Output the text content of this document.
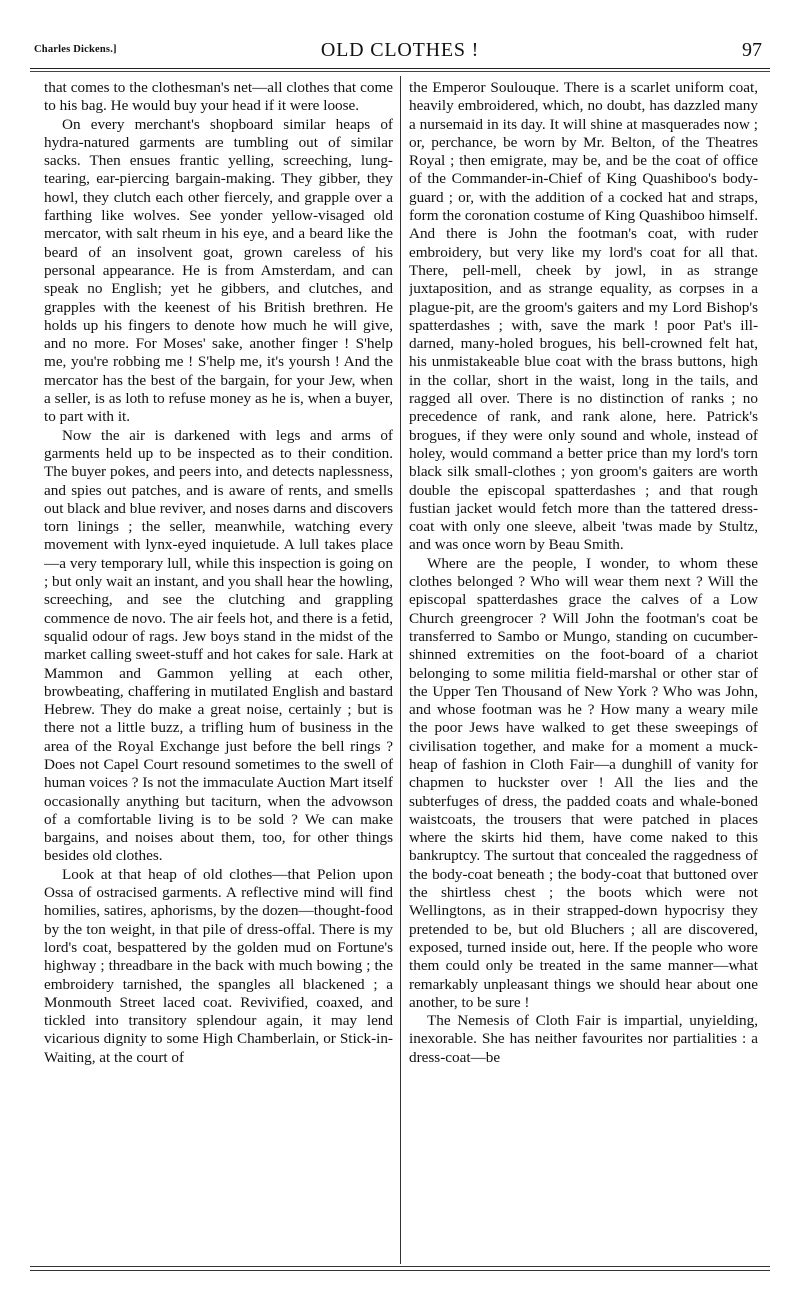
Charles Dickens.]	OLD CLOTHES !	97

that comes to the clothesman's net—all clothes that come to his bag. He would buy your head if it were loose.

On every merchant's shopboard similar heaps of hydra-natured garments are tumbling out of similar sacks. Then ensues frantic yelling, screeching, lung-tearing, ear-piercing bargain-making. They gibber, they howl, they clutch each other fiercely, and grapple over a farthing like wolves. See yonder yellow-visaged old mercator, with salt rheum in his eye, and a beard like the beard of an insolvent goat, grown careless of his personal appearance. He is from Amsterdam, and can speak no English; yet he gibbers, and clutches, and grapples with the keenest of his British brethren. He holds up his fingers to denote how much he will give, and no more. For Moses' sake, another finger ! S'help me, you're robbing me ! S'help me, it's yoursh ! And the mercator has the best of the bargain, for your Jew, when a seller, is as loth to refuse money as he is, when a buyer, to part with it.

Now the air is darkened with legs and arms of garments held up to be inspected as to their condition. The buyer pokes, and peers into, and detects naplessness, and spies out patches, and is aware of rents, and smells out black and blue reviver, and noses darns and discovers torn linings ; the seller, meanwhile, watching every movement with lynx-eyed inquietude. A lull takes place—a very temporary lull, while this inspection is going on ; but only wait an instant, and you shall hear the howling, screeching, and see the clutching and grappling commence de novo. The air feels hot, and there is a fetid, squalid odour of rags. Jew boys stand in the midst of the market calling sweet-stuff and hot cakes for sale. Hark at Mammon and Gammon yelling at each other, browbeating, chaffering in mutilated English and bastard Hebrew. They do make a great noise, certainly ; but is there not a little buzz, a trifling hum of business in the area of the Royal Exchange just before the bell rings ? Does not Capel Court resound sometimes to the swell of human voices ? Is not the immaculate Auction Mart itself occasionally anything but taciturn, when the advowson of a comfortable living is to be sold ? We can make bargains, and noises about them, too, for other things besides old clothes.

Look at that heap of old clothes—that Pelion upon Ossa of ostracised garments. A reflective mind will find homilies, satires, aphorisms, by the dozen—thought-food by the ton weight, in that pile of dress-offal. There is my lord's coat, bespattered by the golden mud on Fortune's highway ; threadbare in the back with much bowing ; the embroidery tarnished, the spangles all blackened ; a Monmouth Street laced coat. Revivified, coaxed, and tickled into transitory splendour again, it may lend vicarious dignity to some High Chamberlain, or Stick-in-Waiting, at the court of

the Emperor Soulouque. There is a scarlet uniform coat, heavily embroidered, which, no doubt, has dazzled many a nursemaid in its day. It will shine at masquerades now ; or, perchance, be worn by Mr. Belton, of the Theatres Royal ; then emigrate, may be, and be the coat of office of the Commander-in-Chief of King Quashiboo's body-guard ; or, with the addition of a cocked hat and straps, form the coronation costume of King Quashiboo himself. And there is John the footman's coat, with ruder embroidery, but very like my lord's coat for all that. There, pell-mell, cheek by jowl, in as strange juxtaposition, and as strange equality, as corpses in a plague-pit, are the groom's gaiters and my Lord Bishop's spatterdashes ; with, save the mark ! poor Pat's ill-darned, many-holed brogues, his bell-crowned felt hat, his unmistakeable blue coat with the brass buttons, high in the collar, short in the waist, long in the tails, and ragged all over. There is no distinction of ranks ; no precedence of rank, and rank alone, here. Patrick's brogues, if they were only sound and whole, instead of holey, would command a better price than my lord's torn black silk small-clothes ; yon groom's gaiters are worth double the episcopal spatterdashes ; and that rough fustian jacket would fetch more than the tattered dress-coat with only one sleeve, albeit 'twas made by Stultz, and was once worn by Beau Smith.

Where are the people, I wonder, to whom these clothes belonged ? Who will wear them next ? Will the episcopal spatterdashes grace the calves of a Low Church greengrocer ? Will John the footman's coat be transferred to Sambo or Mungo, standing on cucumber-shinned extremities on the foot-board of a chariot belonging to some militia field-marshal or other star of the Upper Ten Thousand of New York ? Who was John, and whose footman was he ? How many a weary mile the poor Jews have walked to get these sweepings of civilisation together, and make for a moment a muck-heap of fashion in Cloth Fair—a dunghill of vanity for chapmen to huckster over ! All the lies and the subterfuges of dress, the padded coats and whale-boned waistcoats, the trousers that were patched in places where the skirts hid them, have come naked to this bankruptcy. The surtout that concealed the raggedness of the body-coat beneath ; the body-coat that buttoned over the shirtless chest ; the boots which were not Wellingtons, as in their strapped-down hypocrisy they pretended to be, but old Bluchers ; all are discovered, exposed, turned inside out, here. If the people who wore them could only be treated in the same manner—what remarkably unpleasant things we should hear about one another, to be sure !

The Nemesis of Cloth Fair is impartial, unyielding, inexorable. She has neither favourites nor partialities : a dress-coat—be
